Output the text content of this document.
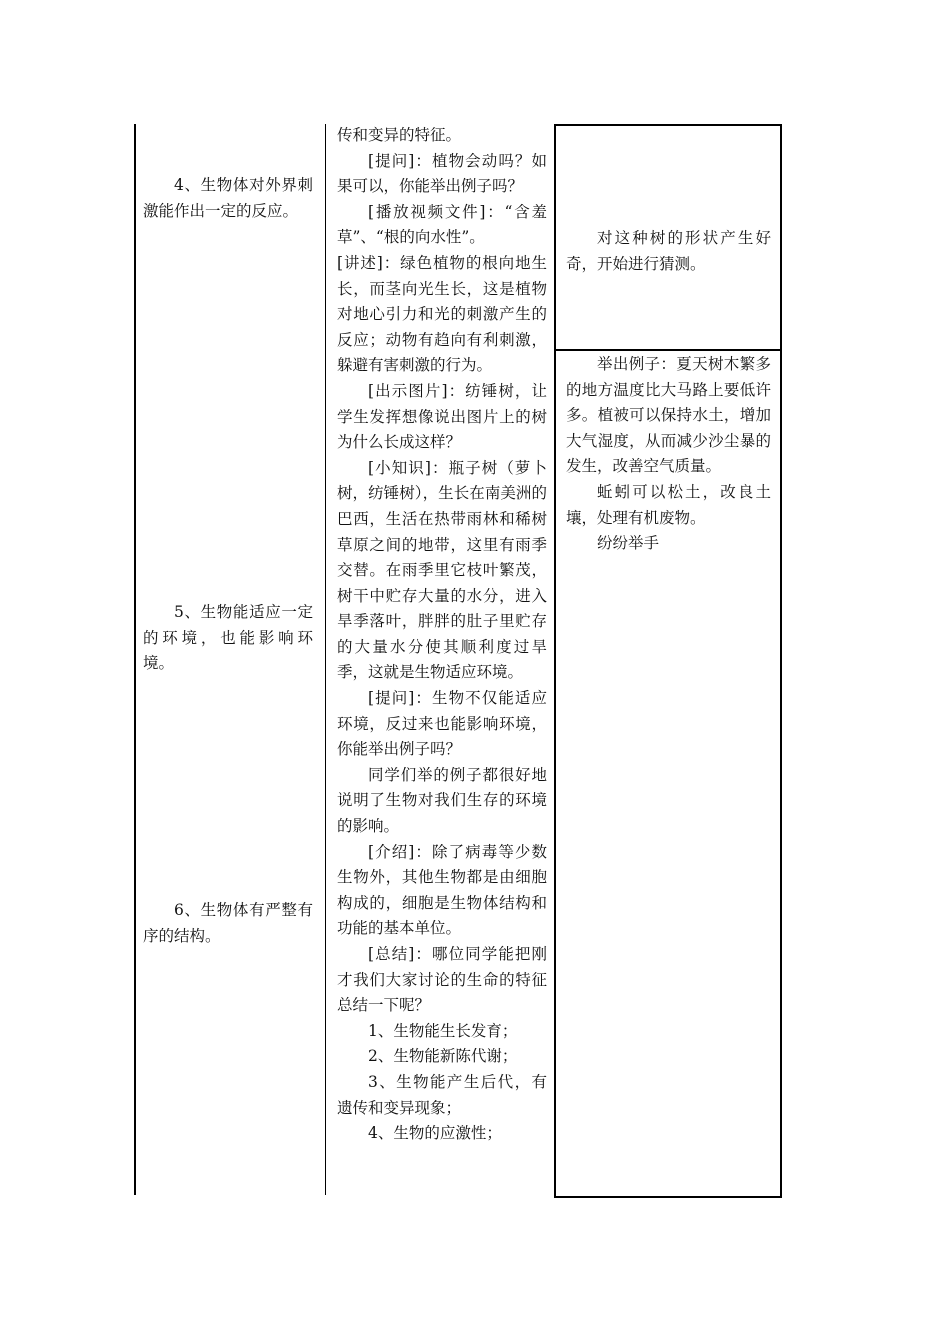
4、生物体对外界刺激能作出一定的反应。

5、生物能适应一定的环境，也能影响环境。

6、生物体有严整有序的结构。

传和变异的特征。

[提问]：植物会动吗？如果可以，你能举出例子吗？

[播放视频文件]：“含羞草”、“根的向水性”。

[讲述]：绿色植物的根向地生长，而茎向光生长，这是植物对地心引力和光的刺激产生的反应；动物有趋向有利刺激，躲避有害刺激的行为。

[出示图片]：纺锤树，让学生发挥想像说出图片上的树为什么长成这样？

[小知识]：瓶子树（萝卜树，纺锤树），生长在南美洲的巴西，生活在热带雨林和稀树草原之间的地带，这里有雨季交替。在雨季里它枝叶繁茂，树干中贮存大量的水分，进入旱季落叶，胖胖的肚子里贮存的大量水分使其顺利度过旱季，这就是生物适应环境。

[提问]：生物不仅能适应环境，反过来也能影响环境，你能举出例子吗？

同学们举的例子都很好地说明了生物对我们生存的环境的影响。

[介绍]：除了病毒等少数生物外，其他生物都是由细胞构成的，细胞是生物体结构和功能的基本单位。

[总结]：哪位同学能把刚才我们大家讨论的生命的特征总结一下呢？

1、生物能生长发育；

2、生物能新陈代谢；

3、生物能产生后代，有遗传和变异现象；

4、生物的应激性；

对这种树的形状产生好奇，开始进行猜测。

举出例子：夏天树木繁多的地方温度比大马路上要低许多。植被可以保持水土，增加大气湿度，从而减少沙尘暴的发生，改善空气质量。

蚯蚓可以松土，改良土壤，处理有机废物。

纷纷举手
